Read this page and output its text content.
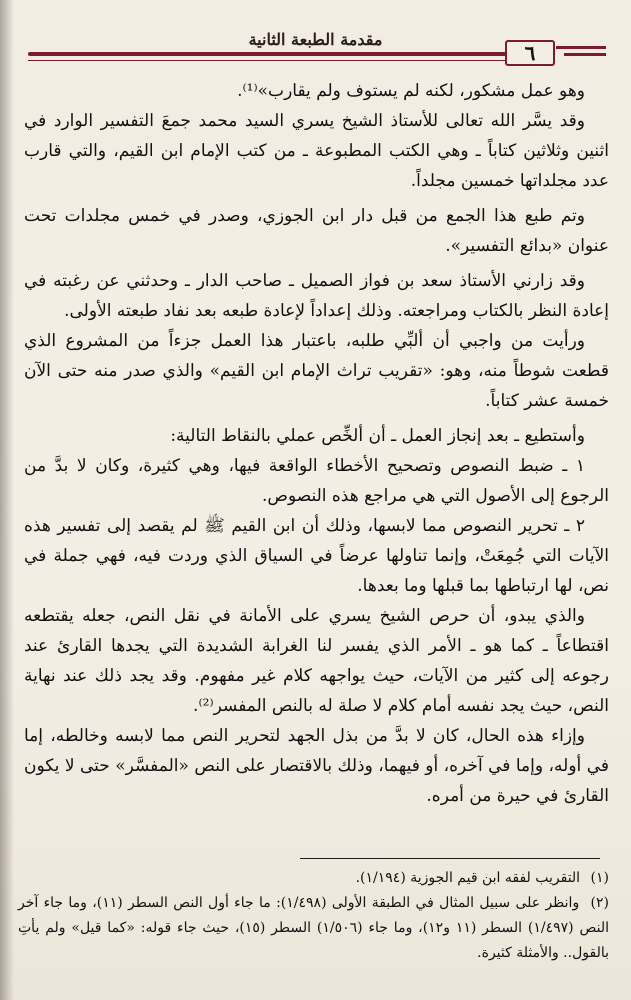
مقدمة الطبعة الثانية
٦

وهو عمل مشكور، لكنه لم يستوف ولم يقارب»⁽¹⁾.

وقد يسَّر الله تعالى للأستاذ الشيخ يسري السيد محمد جمعَ التفسير الوارد في اثنين وثلاثين كتاباً ـ وهي الكتب المطبوعة ـ من كتب الإمام ابن القيم، والتي قارب عدد مجلداتها خمسين مجلداً.

وتم طبع هذا الجمع من قبل دار ابن الجوزي، وصدر في خمس مجلدات تحت عنوان «بدائع التفسير».

وقد زارني الأستاذ سعد بن فواز الصميل ـ صاحب الدار ـ وحدثني عن رغبته في إعادة النظر بالكتاب ومراجعته. وذلك إعداداً لإعادة طبعه بعد نفاد طبعته الأولى.

ورأيت من واجبي أن ألبِّي طلبه، باعتبار هذا العمل جزءاً من المشروع الذي قطعت شوطاً منه، وهو: «تقريب تراث الإمام ابن القيم» والذي صدر منه حتى الآن خمسة عشر كتاباً.

وأستطيع ـ بعد إنجاز العمل ـ أن ألخِّص عملي بالنقاط التالية:

١ ـ ضبط النصوص وتصحيح الأخطاء الواقعة فيها، وهي كثيرة، وكان لا بدَّ من الرجوع إلى الأصول التي هي مراجع هذه النصوص.

٢ ـ تحرير النصوص مما لابسها، وذلك أن ابن القيم ﷺ لم يقصد إلى تفسير هذه الآيات التي جُمِعَتْ، وإنما تناولها عرضاً في السياق الذي وردت فيه، فهي جملة في نص، لها ارتباطها بما قبلها وما بعدها.

والذي يبدو، أن حرص الشيخ يسري على الأمانة في نقل النص، جعله يقتطعه اقتطاعاً ـ كما هو ـ الأمر الذي يفسر لنا الغرابة الشديدة التي يجدها القارئ عند رجوعه إلى كثير من الآيات، حيث يواجهه كلام غير مفهوم. وقد يجد ذلك عند نهاية النص، حيث يجد نفسه أمام كلام لا صلة له بالنص المفسر⁽²⁾.

وإزاء هذه الحال، كان لا بدَّ من بذل الجهد لتحرير النص مما لابسه وخالطه، إما في أوله، وإما في آخره، أو فيهما، وذلك بالاقتصار على النص «المفسَّر» حتى لا يكون القارئ في حيرة من أمره.

(١) التقريب لفقه ابن قيم الجوزية (١/١٩٤).

(٢) وانظر على سبيل المثال في الطبقة الأولى (١/٤٩٨): ما جاء أول النص السطر (١١)، وما جاء آخر النص (١/٤٩٧) السطر (١١ و١٢)، وما جاء (١/٥٠٦) السطر (١٥)، حيث جاء قوله: «كما قيل» ولم يأتِ بالقول.. والأمثلة كثيرة.
